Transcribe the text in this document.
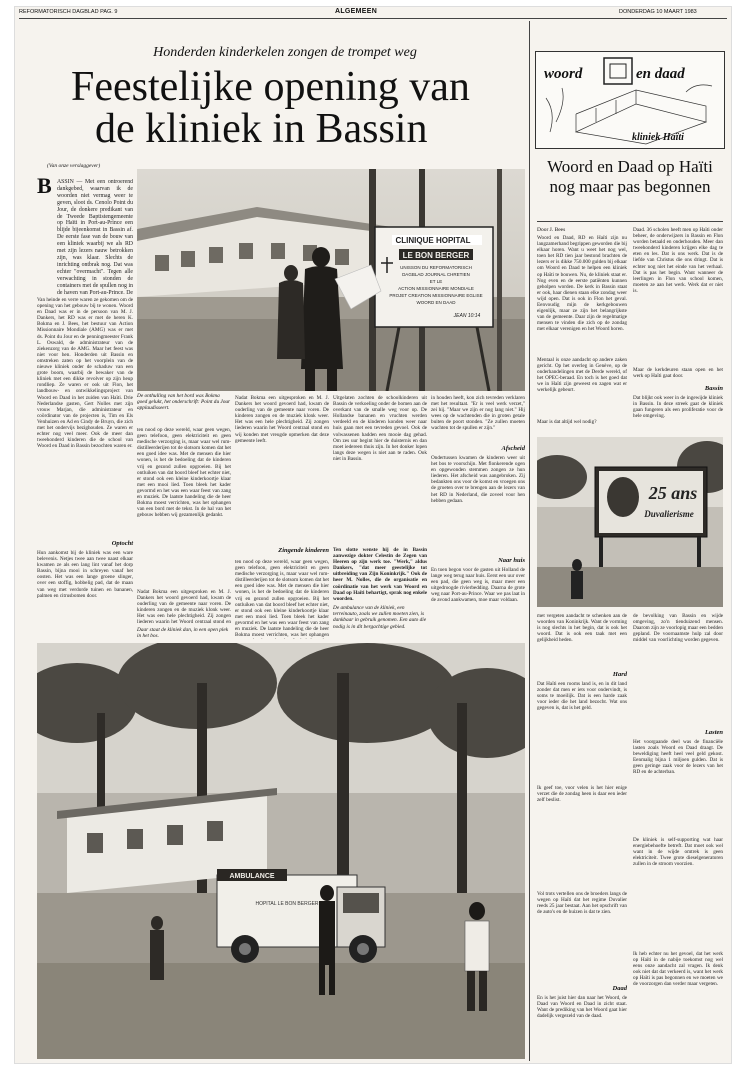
REFORMATORISCH DAGBLAD PAG. 9	ALGEMEEN	DONDERDAG 10 MAART 1983
Honderden kinderkelen zongen de trompet weg
Feestelijke opening van
de kliniek in Bassin
(Van onze verslaggever)
B ASSIN — Met een ontroerend dankgebed, waarvan ik de woorden niet vermag weer te geven, sloot ds. Cenolo Point du Jour, de donkere predikant van de Tweede Baptistengemeente op Haïti in Port-au-Prince een blijde bijeenkomst in Bassin af. De eerste fase van de bouw van een kliniek waarbij we als RD met zijn lezers nauw betrokken zijn, was klaar. Slechts de inrichting ontbrak nog. Dat was echter "overmacht". Tegen alle verwachting in stonden de containers met de spullen nog in de haven van Port-au-Prince. De
Van heinde en verre waren ze gekomen om de opening van het gebouw bij te wonen. Woord en Daad was er in de persoon van M. J. Dankers, het RD was er met de heren K. Bokma en J. Bees, het bestuur van Action Missionnaire Mondiale (AMG) was er met ds. Point du Jour en de penningmeester Frank L. Oswald, de administrateur van de ziekenzorg van de AMG. Maar het feest was niet voor hen. Honderden uit Bassin en omstreken zaten op het voorplein van de nieuwe kliniek onder de schaduw van een grote boom, waarbij de bewaker van de kliniek met een dikke revolver op zijn heup rondliep. Ze waren er ook uit Flon, het landbouw- en ontwikkelingsproject van Woord en Daad in het zuiden van Haïti. Drie Nederlandse gasten, Gert Nolles met zijn vrouw Marjan, die administrateur en coördinator van de projecten is, Tim en Els Venhuizen en Ad en Cindy de Bruyn, die zich met het ondervijs bezighouden. Ze waren er echter nog veel meer. Ook de meer dan tweehonderd kinderen die de school van Woord en Daad in Bassin bezochten waren er.
Optocht
Hun aankomst bij de kliniek was een ware belevenis. Netjes twee aan twee naast elkaar kwamen ze als een lang lint vanaf het dorp Bassin, bijna mooi in schreyen vanaf het oosten. Het was een lange groene slinger, over een stoffig, hobbelig pad, dat de maan van weg met verdorde tuinen en bananen, palmen en citrusbomen door.
CLINIQUE HOPITAL
LE BON BERGER
UNISSON DU REFORMATORISCH
DAGBLAD JOURNAL CHRETIEN
ET LE
ACTION MISSIONNAIRE MONDIALE
PROJET CREATION MISSIONNAIRE EGLISE
WOORD EN DAAD
JEAN 10:14
De onthulling van het bord was Bokma goed gelukt, het onderschrift: Point du Jour applaudisseert.
ten nood op deze wereld, waar geen wegen, geen telefoon, geen elektriciteit en geen medische verzorging is, maar waar wel rum-distilleerderijen tot de slotsom komen dat het een goed idee was. Met de mensen die hier wonen, is het de bedoeling dat de kinderen vrij en gezond zullen opgroeien. Bij het ontluiken van dat boord bleef het echter niet, er stond ook een kleine kinderkoortje klaar met een mooi lied. Toen bleek het kader gevormd en het was een waar feest van zang en muziek. De laatste handeling die de heer Bokma moest verrichten, was het ophangen van een bord met de tekst. In de hal van het gebouw hebben wij gezamenlijk gedankt.
Zingende kinderen
Nadat Bokma een uitgesproken en M. J. Dankers het woord gevoerd had, kwam de ouderling van de gemeente naar voren. De kinderen zongen en de muziek klonk weer. Het was een hele plechtigheid. Zij zongen liederen waarin het Woord centraal stond en
Daar staat de kliniek dan, in een open plek in het bos.
Nadat Bokma een uitgesproken en M. J. Dankers het woord gevoerd had, kwam de ouderling van de gemeente naar voren. De kinderen zongen en de muziek klonk weer. Het was een hele plechtigheid. Zij zongen liederen waarin het Woord centraal stond en wij konden met vreugde opmerken dat deze gemeente leeft.
ten nood op deze wereld, waar geen wegen, geen telefoon, geen elektriciteit en geen medische verzorging is, maar waar wel rum-distilleerderijen tot de slotsom komen dat het een goed idee was. Met de mensen die hier wonen, is het de bedoeling dat de kinderen vrij en gezond zullen opgroeien. Bij het ontluiken van dat boord bleef het echter niet, er stond ook een kleine kinderkoortje klaar met een mooi lied. Toen bleek het kader gevormd en het was een waar feest van zang en muziek. De laatste handeling die de heer Bokma moest verrichten, was het ophangen
Uitgelaten zochten de schoolkinderen uit Bassin de verkoeling onder de bomen aan de overkant van de smalle weg voor op. De Hollandse bananen en vruchten werden verdeeld en de kinderen konden weer naar huis gaan met een tevreden gevoel. Ook de volwassenen hadden een mooie dag gehad. Om zes uur begint hier de duisternis en dan moet iedereen thuis zijn. In het donker lopen langs deze wegen is niet aan te raden. Ook niet in Bassin.
Ten slotte wenste hij de in Bassin aanwezige dokter Celestin de Zegen van Heeren op zijn werk toe. "Werk," aldus Dankers, "dat meer geestelijke tot uitbreiding van Zijn Koninkrijk." Ook de heer M. Nolles, die de organisatie en coördinatie van het werk van Woord en Daad op Haïti behartigt, sprak nog enkele woorden.
De ambulance van de kliniek, een terreinauto, zoals we zullen moeten zien, is dankbaar in gebruik genomen. Een auto die nodig is in dit bergachtige gebied.
in houden heeft, kon zich tevreden verklaren met het resultaat. "Er is veel werk verzet," zei hij. "Maar we zijn er nog lang niet." Hij wees op de wachtenden die in groten getale buiten de poort stonden. "Ze zullen moeten wachten tot de spullen er zijn."
Afscheid
Ondertussen kwamen de kinderen weer uit het bos te voorschijn. Met flonkerende ogen en opgewonden stemmen zongen ze hun liederen. Het afscheid was aangebroken. Zij bedankten ons voor de komst en vroegen ons de groeten over te brengen aan de lezers van het RD in Nederland, die zoveel voor hen hebben gedaan.
Naar huis
En toen begon voor de gasten uit Holland de lange weg terug naar huis. Eerst een uur over een pad, die geen weg is, maar meer een uitgedroogde rivierbedding. Daarna de grote weg naar Port-au-Prince. Waar we pas laat in de avond aankwamen, moe maar voldaan.
AMBULANCE
HOPITAL LE BON BERGER
woord	en daad
kliniek Haïti
Woord en Daad op Haïti nog maar pas begonnen
Door J. Bees
Woord en Daad, RD en Haïti zijn nu langzamerhand begrippen geworden die bij elkaar horen. Want u weet het nog wel, toen het RD tien jaar bestond brachten de lezers er is dikke 750.000 gulden bij elkaar om Woord en Daad te helpen een kliniek op Haïti te bouwen. Nu, de kliniek staat er. Nog even en de eerste patiënten kunnen geholpen worden. De kerk in Bassin staat er ook, haar dienen staan elke zondag weer wijd open. Dat is ook in Flon het geval. Eenvoudig mijn de kerkgebouwen eigenlijk, maar ze zijn het belangrijkste van de gemeente. Daar zijn de regelmatige mensen te vinden die zich op de zondag met elkaar verenigen en het Woord horen.
Mentaal is onze aandacht op andere zaken gericht. Op het overleg in Genève, op de onderhandelingen met de Derde wereld, of het OPEC-beraad. En toch is het goed dat we in Haïti zijn geweest en zagen wat er werkelijk gebeurt.
Maar is dat altijd wel nodig?
Daad. 36 scholen heeft men op Haïti onder beheer, de onderwijzers in Bassin en Flon worden betaald en onderhouden. Meer dan tweehonderd kinderen krijgen elke dag te eten en les. Dat is ons werk. Dat is de liefde van Christus die ons dringt. Dat is echter nog niet het einde van het verhaal. Dat is pas het begin. Want wanneer de leerlingen in Flon van school komen, moeten ze aan het werk. Werk dat er niet is.
Maar de kerkdeuren staan open en het werk op Haïti gaat door.
Bassin
Dat blijkt ook weer in de ingewijde kliniek in Bassin. In deze streek gaat de kliniek gaan fungeren als een proliferatie voor de hele omgeving.
25 ans
Duvalierisme
met vergeten aandacht te schenken aan de woorden van Koninkrijk. Want de vorming is nog slechts in het begin, dat is ook het woord. Dat is ook een taak met een gelijkheid heden.
Hard
Dat Haïti een rooms land is, en in dit land zonder dat men er iets voor ondervindt, is soms te moeilijk. Dat is een harde zaak voor ieder die het land bezocht. Wat ons gegeven is, dat is het geld.
Ik geef toe, voor velen is het hier enige verzet die de zondag heen is daar een ieder zelf beslist.
Vol trots vertellen ons de broeders langs de wegen op Haïti dat het regime Duvalier reeds 25 jaar bestaat. Aan het opschrift van de auto's en de huizen is dat te zien.
Daad
En is het juist hier dan naar het Woord, de Daad van Woord en Daad in zicht staat. Want de prediking van het Woord gaat hier dadelijk vergezeld van de daad.
de bevolking van Bassin en wijde omgeving, zo'n tienduizend mensen. Daarom zijn ze voorlopig maar een bedden gepland. De voornaamste hulp zal door middel van voorlichting worden gegeven.
Lasten
Het voorgaande deel was de financiële lasten zoals Woord en Daad draagt. De beweldiging heeft heel veel geld gekost. Eenmalig bijna 1 miljoen gulden. Dat is geen geringe zaak voor de lezers van het RD en de achterban.
De kliniek is self-supporting wat haar energiebehoefte betreft. Dat moet ook wel want in de wijde omtrek is geen elektriciteit. Twee grote dieselgeneratoren zullen in de stroom voorzien.
Ik heb echter nu het gevoel, dat het werk op Haïti in de nabije toekomst nog wel eens onze aandacht zal vragen. Ik denk ook niet dat dat verkeerd is, want het werk op Haïti is pas begonnen en we moeten we de voorzorgen dan verder maar vergeten.
